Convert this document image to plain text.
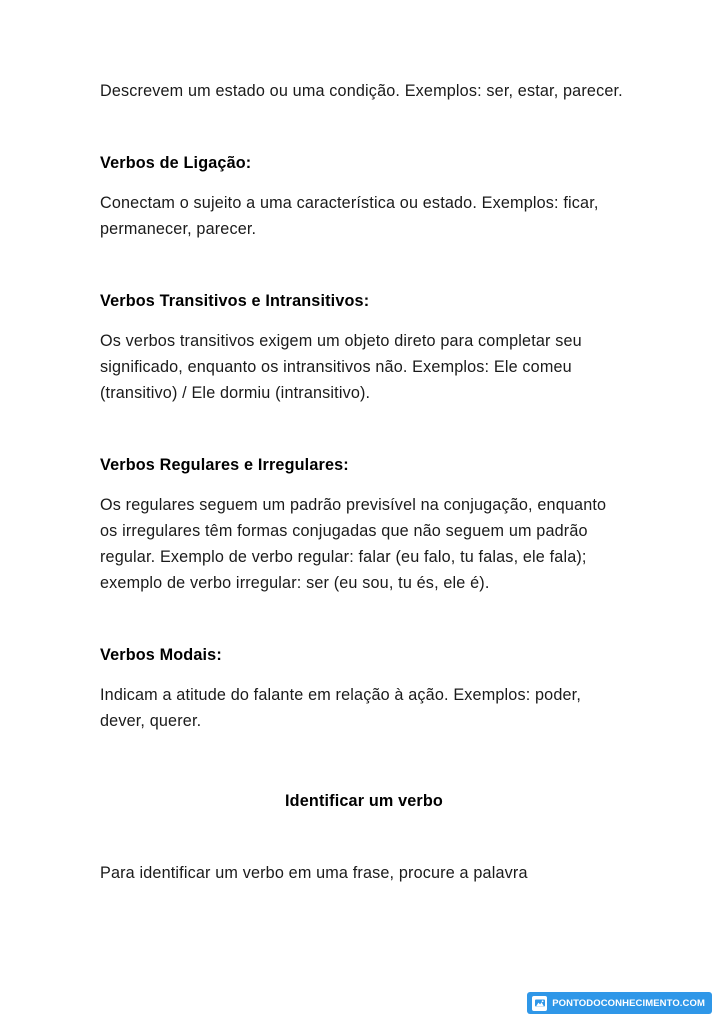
Descrevem um estado ou uma condição. Exemplos: ser, estar, parecer.

Verbos de Ligação:

Conectam o sujeito a uma característica ou estado. Exemplos: ficar, permanecer, parecer.

Verbos Transitivos e Intransitivos:

Os verbos transitivos exigem um objeto direto para completar seu significado, enquanto os intransitivos não. Exemplos: Ele comeu (transitivo) / Ele dormiu (intransitivo).

Verbos Regulares e Irregulares:

Os regulares seguem um padrão previsível na conjugação, enquanto os irregulares têm formas conjugadas que não seguem um padrão regular. Exemplo de verbo regular: falar (eu falo, tu falas, ele fala); exemplo de verbo irregular: ser (eu sou, tu és, ele é).

Verbos Modais:

Indicam a atitude do falante em relação à ação. Exemplos: poder, dever, querer.

Identificar um verbo

Para identificar um verbo em uma frase, procure a palavra

PONTODOCONHECIMENTO.COM
